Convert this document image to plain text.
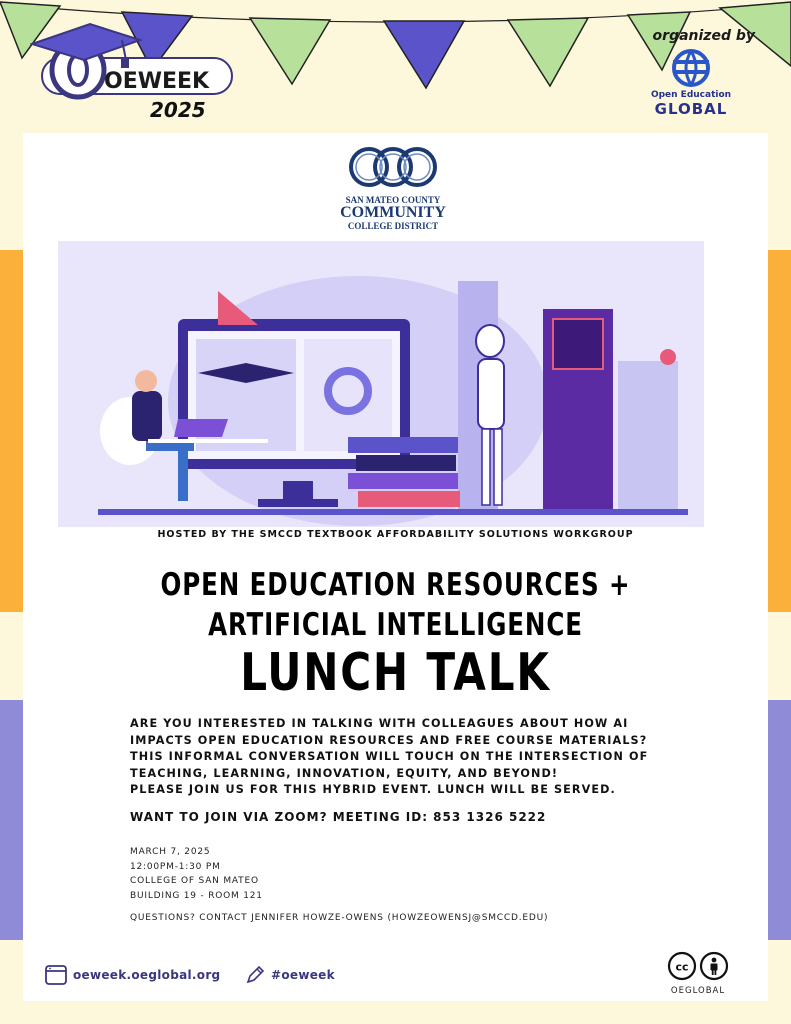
OEWEEK
2025
organized by
Open Education
GLOBAL
SAN MATEO COUNTY
COMMUNITY
COLLEGE DISTRICT
HOSTED BY THE SMCCD TEXTBOOK AFFORDABILITY SOLUTIONS WORKGROUP
OPEN EDUCATION RESOURCES +
ARTIFICIAL INTELLIGENCE
LUNCH TALK
ARE YOU INTERESTED IN TALKING WITH COLLEAGUES ABOUT HOW AI
IMPACTS OPEN EDUCATION RESOURCES AND FREE COURSE MATERIALS?
THIS INFORMAL CONVERSATION WILL TOUCH ON THE INTERSECTION OF
TEACHING, LEARNING, INNOVATION, EQUITY, AND BEYOND!
PLEASE JOIN US FOR THIS HYBRID EVENT. LUNCH WILL BE SERVED.
WANT TO JOIN VIA ZOOM? MEETING ID: 853 1326 5222
MARCH 7, 2025
12:00PM-1:30 PM
COLLEGE OF SAN MATEO
BUILDING 19 - ROOM 121
QUESTIONS? CONTACT JENNIFER HOWZE-OWENS (HOWZEOWENSJ@SMCCD.EDU)
oeweek.oeglobal.org	#oeweek
cc
OEGLOBAL
